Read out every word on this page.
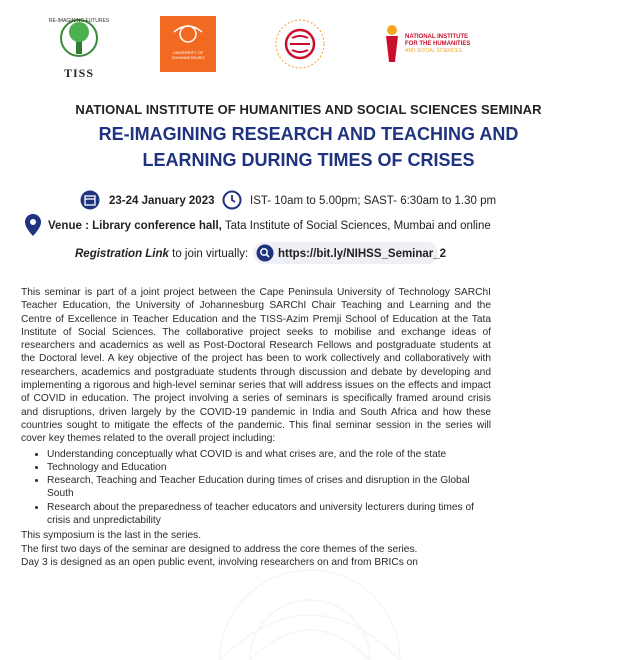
RE-IMAGINING FUTURES
TISS
UNIVERSITY OF JOHANNESBURG
NATIONAL INSTITUTE
FOR THE HUMANITIES
AND SOCIAL SCIENCES
NATIONAL INSTITUTE OF HUMANITIES AND SOCIAL SCIENCES SEMINAR
RE-IMAGINING RESEARCH AND TEACHING AND
LEARNING DURING TIMES OF CRISES
23-24 January 2023	IST- 10am to 5.00pm; SAST- 6:30am to 1.30 pm
Venue : Library conference hall, Tata Institute of Social Sciences, Mumbai and online
Registration Link to join virtually:	https://bit.ly/NIHSS_Seminar_2

This seminar is part of a joint project between the Cape Peninsula University of Technology SARChI Teacher Education, the University of Johannesburg SARChI Chair Teaching and Learning and the Centre of Excellence in Teacher Education and the TISS-Azim Premji School of Education at the Tata Institute of Social Sciences. The collaborative project seeks to mobilise and exchange ideas of researchers and academics as well as Post-Doctoral Research Fellows and postgraduate students at the Doctoral level. A key objective of the project has been to work collectively and collaboratively with researchers, academics and postgraduate students through discussion and debate by developing and implementing a rigorous and high-level seminar series that will address issues on the effects and impact of COVID in education. The project involving a series of seminars is specifically framed around crisis and disruptions, driven largely by the COVID-19 pandemic in India and South Africa and how these countries sought to mitigate the effects of the pandemic. This final seminar session in the series will cover key themes related to the overall project including:

• Understanding conceptually what COVID is and what crises are, and the role of the state
• Technology and Education
• Research, Teaching and Teacher Education during times of crises and disruption in the Global South
• Research about the preparedness of teacher educators and university lecturers during times of crisis and unpredictability

This symposium is the last in the series.

The first two days of the seminar are designed to address the core themes of the series.

Day 3 is designed as an open public event, involving researchers on and from BRICs on
